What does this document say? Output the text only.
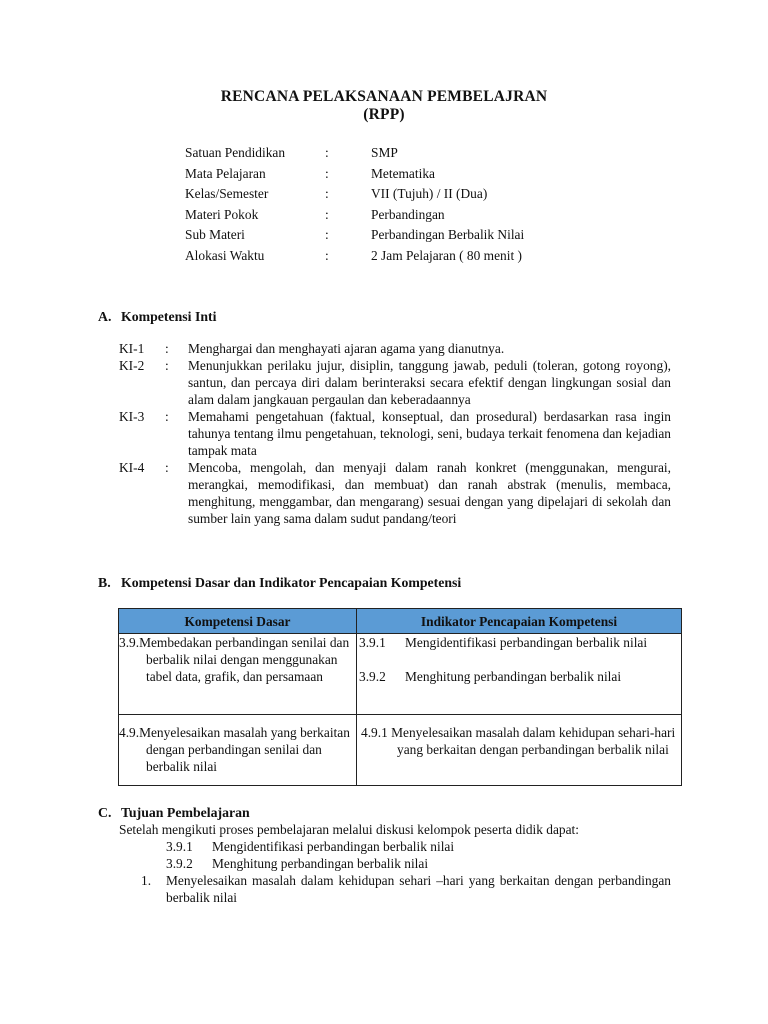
RENCANA PELAKSANAAN PEMBELAJRAN
(RPP)
Satuan Pendidikan	:	SMP
Mata Pelajaran	:	Metematika
Kelas/Semester	:	VII (Tujuh) / II (Dua)
Materi Pokok	:	Perbandingan
Sub Materi	:	Perbandingan Berbalik Nilai
Alokasi Waktu	:	2 Jam Pelajaran ( 80 menit )
A. Kompetensi Inti
KI-1 : Menghargai dan menghayati ajaran agama yang dianutnya.
KI-2 : Menunjukkan perilaku jujur, disiplin, tanggung jawab, peduli (toleran, gotong royong), santun, dan percaya diri dalam berinteraksi secara efektif dengan lingkungan sosial dan alam dalam jangkauan pergaulan dan keberadaannya
KI-3 : Memahami pengetahuan (faktual, konseptual, dan prosedural) berdasarkan rasa ingin tahunya tentang ilmu pengetahuan, teknologi, seni, budaya terkait fenomena dan kejadian tampak mata
KI-4 : Mencoba, mengolah, dan menyaji dalam ranah konkret (menggunakan, mengurai, merangkai, memodifikasi, dan membuat) dan ranah abstrak (menulis, membaca, menghitung, menggambar, dan mengarang) sesuai dengan yang dipelajari di sekolah dan sumber lain yang sama dalam sudut pandang/teori
B. Kompetensi Dasar dan Indikator Pencapaian Kompetensi
Kompetensi Dasar	Indikator Pencapaian Kompetensi

3.9.Membedakan perbandingan senilai dan berbalik nilai dengan menggunakan tabel data, grafik, dan persamaan	3.9.1 Mengidentifikasi perbandingan berbalik nilai
3.9.2 Menghitung perbandingan berbalik nilai

4.9.Menyelesaikan masalah yang berkaitan dengan perbandingan senilai dan berbalik nilai	4.9.1 Menyelesaikan masalah dalam kehidupan sehari-hari yang berkaitan dengan perbandingan berbalik nilai
C. Tujuan Pembelajaran

Setelah mengikuti proses pembelajaran melalui diskusi kelompok peserta didik dapat:

3.9.1 Mengidentifikasi perbandingan berbalik nilai
3.9.2 Menghitung perbandingan berbalik nilai
1. Menyelesaikan masalah dalam kehidupan sehari –hari yang berkaitan dengan perbandingan berbalik nilai
